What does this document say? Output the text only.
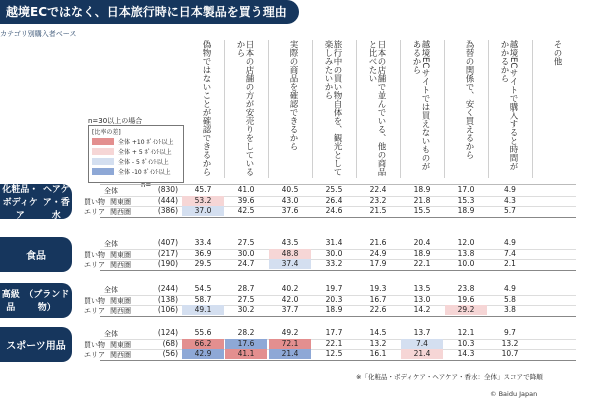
越境ECではなく、日本旅行時に日本製品を買う理由
カテゴリ別購入者ベース
n=30以上の場合
[比率の差]
全体 +10 ﾎﾟｲﾝﾄ以上
全体 + 5 ﾎﾟｲﾝﾄ以上
全体 - 5 ﾎﾟｲﾝﾄ以上
全体 -10 ﾎﾟｲﾝﾄ以上
n=
偽物ではないことが確認できるから	日本の店舗の方が安売りをしているから	実際の商品を確認できるから	旅行中の買い物自体を、観光として楽しみたいから	日本の店舗で並んでいる、他の商品と比べたい	越境ECサイトでは買えないものがあるから	為替の関係で、安く買えるから	越境ECサイトで購入すると時間がかかるから	その他
化粧品・ボディケア
ヘアケア・香水
全体	(830)	45.7	41.0	40.5	25.5	22.4	18.9	17.0	4.9
買い物 関東圏	(444)	53.2	39.6	43.0	26.4	23.2	21.8	15.3	4.3
エリア 関西圏	(386)	37.0	42.5	37.6	24.6	21.5	15.5	18.9	5.7
食品
全体	(407)	33.4	27.5	43.5	31.4	21.6	20.4	12.0	4.9
買い物 関東圏	(217)	36.9	30.0	48.8	30.0	24.9	18.9	13.8	7.4
エリア 関西圏	(190)	29.5	24.7	37.4	33.2	17.9	22.1	10.0	2.1
高級品
（ブランド物）
全体	(244)	54.5	28.7	40.2	19.7	19.3	13.5	23.8	4.9
買い物 関東圏	(138)	58.7	27.5	42.0	20.3	16.7	13.0	19.6	5.8
エリア 関西圏	(106)	49.1	30.2	37.7	18.9	22.6	14.2	29.2	3.8
スポーツ用品
全体	(124)	55.6	28.2	49.2	17.7	14.5	13.7	12.1	9.7
買い物 関東圏	(68)	66.2	17.6	72.1	22.1	13.2	7.4	10.3	13.2
エリア 関西圏	(56)	42.9	41.1	21.4	12.5	16.1	21.4	14.3	10.7
※「化粧品・ボディケア・ヘアケア・香水：全体」スコアで降順
© Baidu Japan
